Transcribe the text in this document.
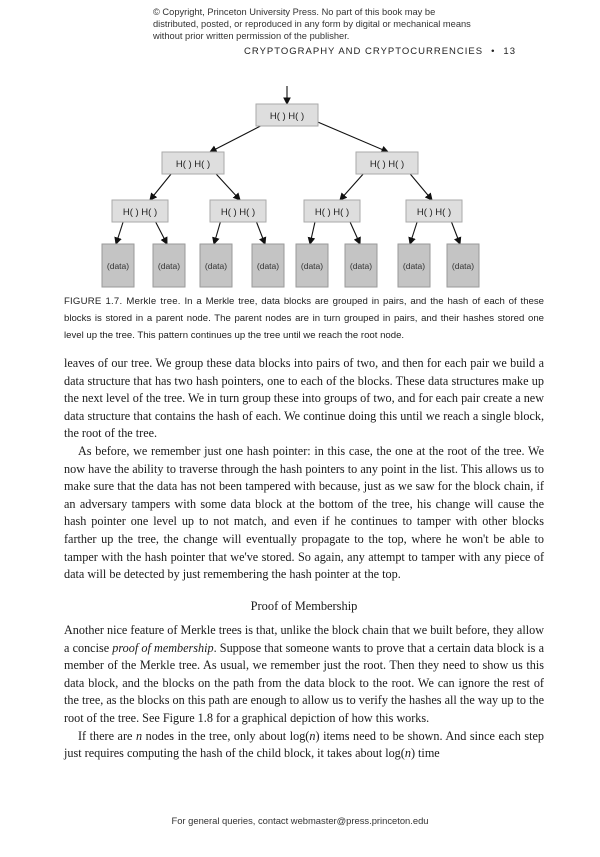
© Copyright, Princeton University Press. No part of this book may be distributed, posted, or reproduced in any form by digital or mechanical means without prior written permission of the publisher.
CRYPTOGRAPHY AND CRYPTOCURRENCIES • 13
H( ) H( )
H( ) H( )	H( ) H( )
H( ) H( )	H( ) H( )	H( ) H( )	H( ) H( )
(data)	(data)	(data)	(data)	(data)	(data)	(data)	(data)
FIGURE 1.7. Merkle tree. In a Merkle tree, data blocks are grouped in pairs, and the hash of each of these blocks is stored in a parent node. The parent nodes are in turn grouped in pairs, and their hashes stored one level up the tree. This pattern continues up the tree until we reach the root node.

leaves of our tree. We group these data blocks into pairs of two, and then for each pair we build a data structure that has two hash pointers, one to each of the blocks. These data structures make up the next level of the tree. We in turn group these into groups of two, and for each pair create a new data structure that contains the hash of each. We continue doing this until we reach a single block, the root of the tree.

As before, we remember just one hash pointer: in this case, the one at the root of the tree. We now have the ability to traverse through the hash pointers to any point in the list. This allows us to make sure that the data has not been tampered with because, just as we saw for the block chain, if an adversary tampers with some data block at the bottom of the tree, his change will cause the hash pointer one level up to not match, and even if he continues to tamper with other blocks farther up the tree, the change will eventually propagate to the top, where he won't be able to tamper with the hash pointer that we've stored. So again, any attempt to tamper with any piece of data will be detected by just remembering the hash pointer at the top.

Proof of Membership

Another nice feature of Merkle trees is that, unlike the block chain that we built before, they allow a concise proof of membership. Suppose that someone wants to prove that a certain data block is a member of the Merkle tree. As usual, we remember just the root. Then they need to show us this data block, and the blocks on the path from the data block to the root. We can ignore the rest of the tree, as the blocks on this path are enough to allow us to verify the hashes all the way up to the root of the tree. See Figure 1.8 for a graphical depiction of how this works.

If there are n nodes in the tree, only about log(n) items need to be shown. And since each step just requires computing the hash of the child block, it takes about log(n) time

For general queries, contact webmaster@press.princeton.edu
